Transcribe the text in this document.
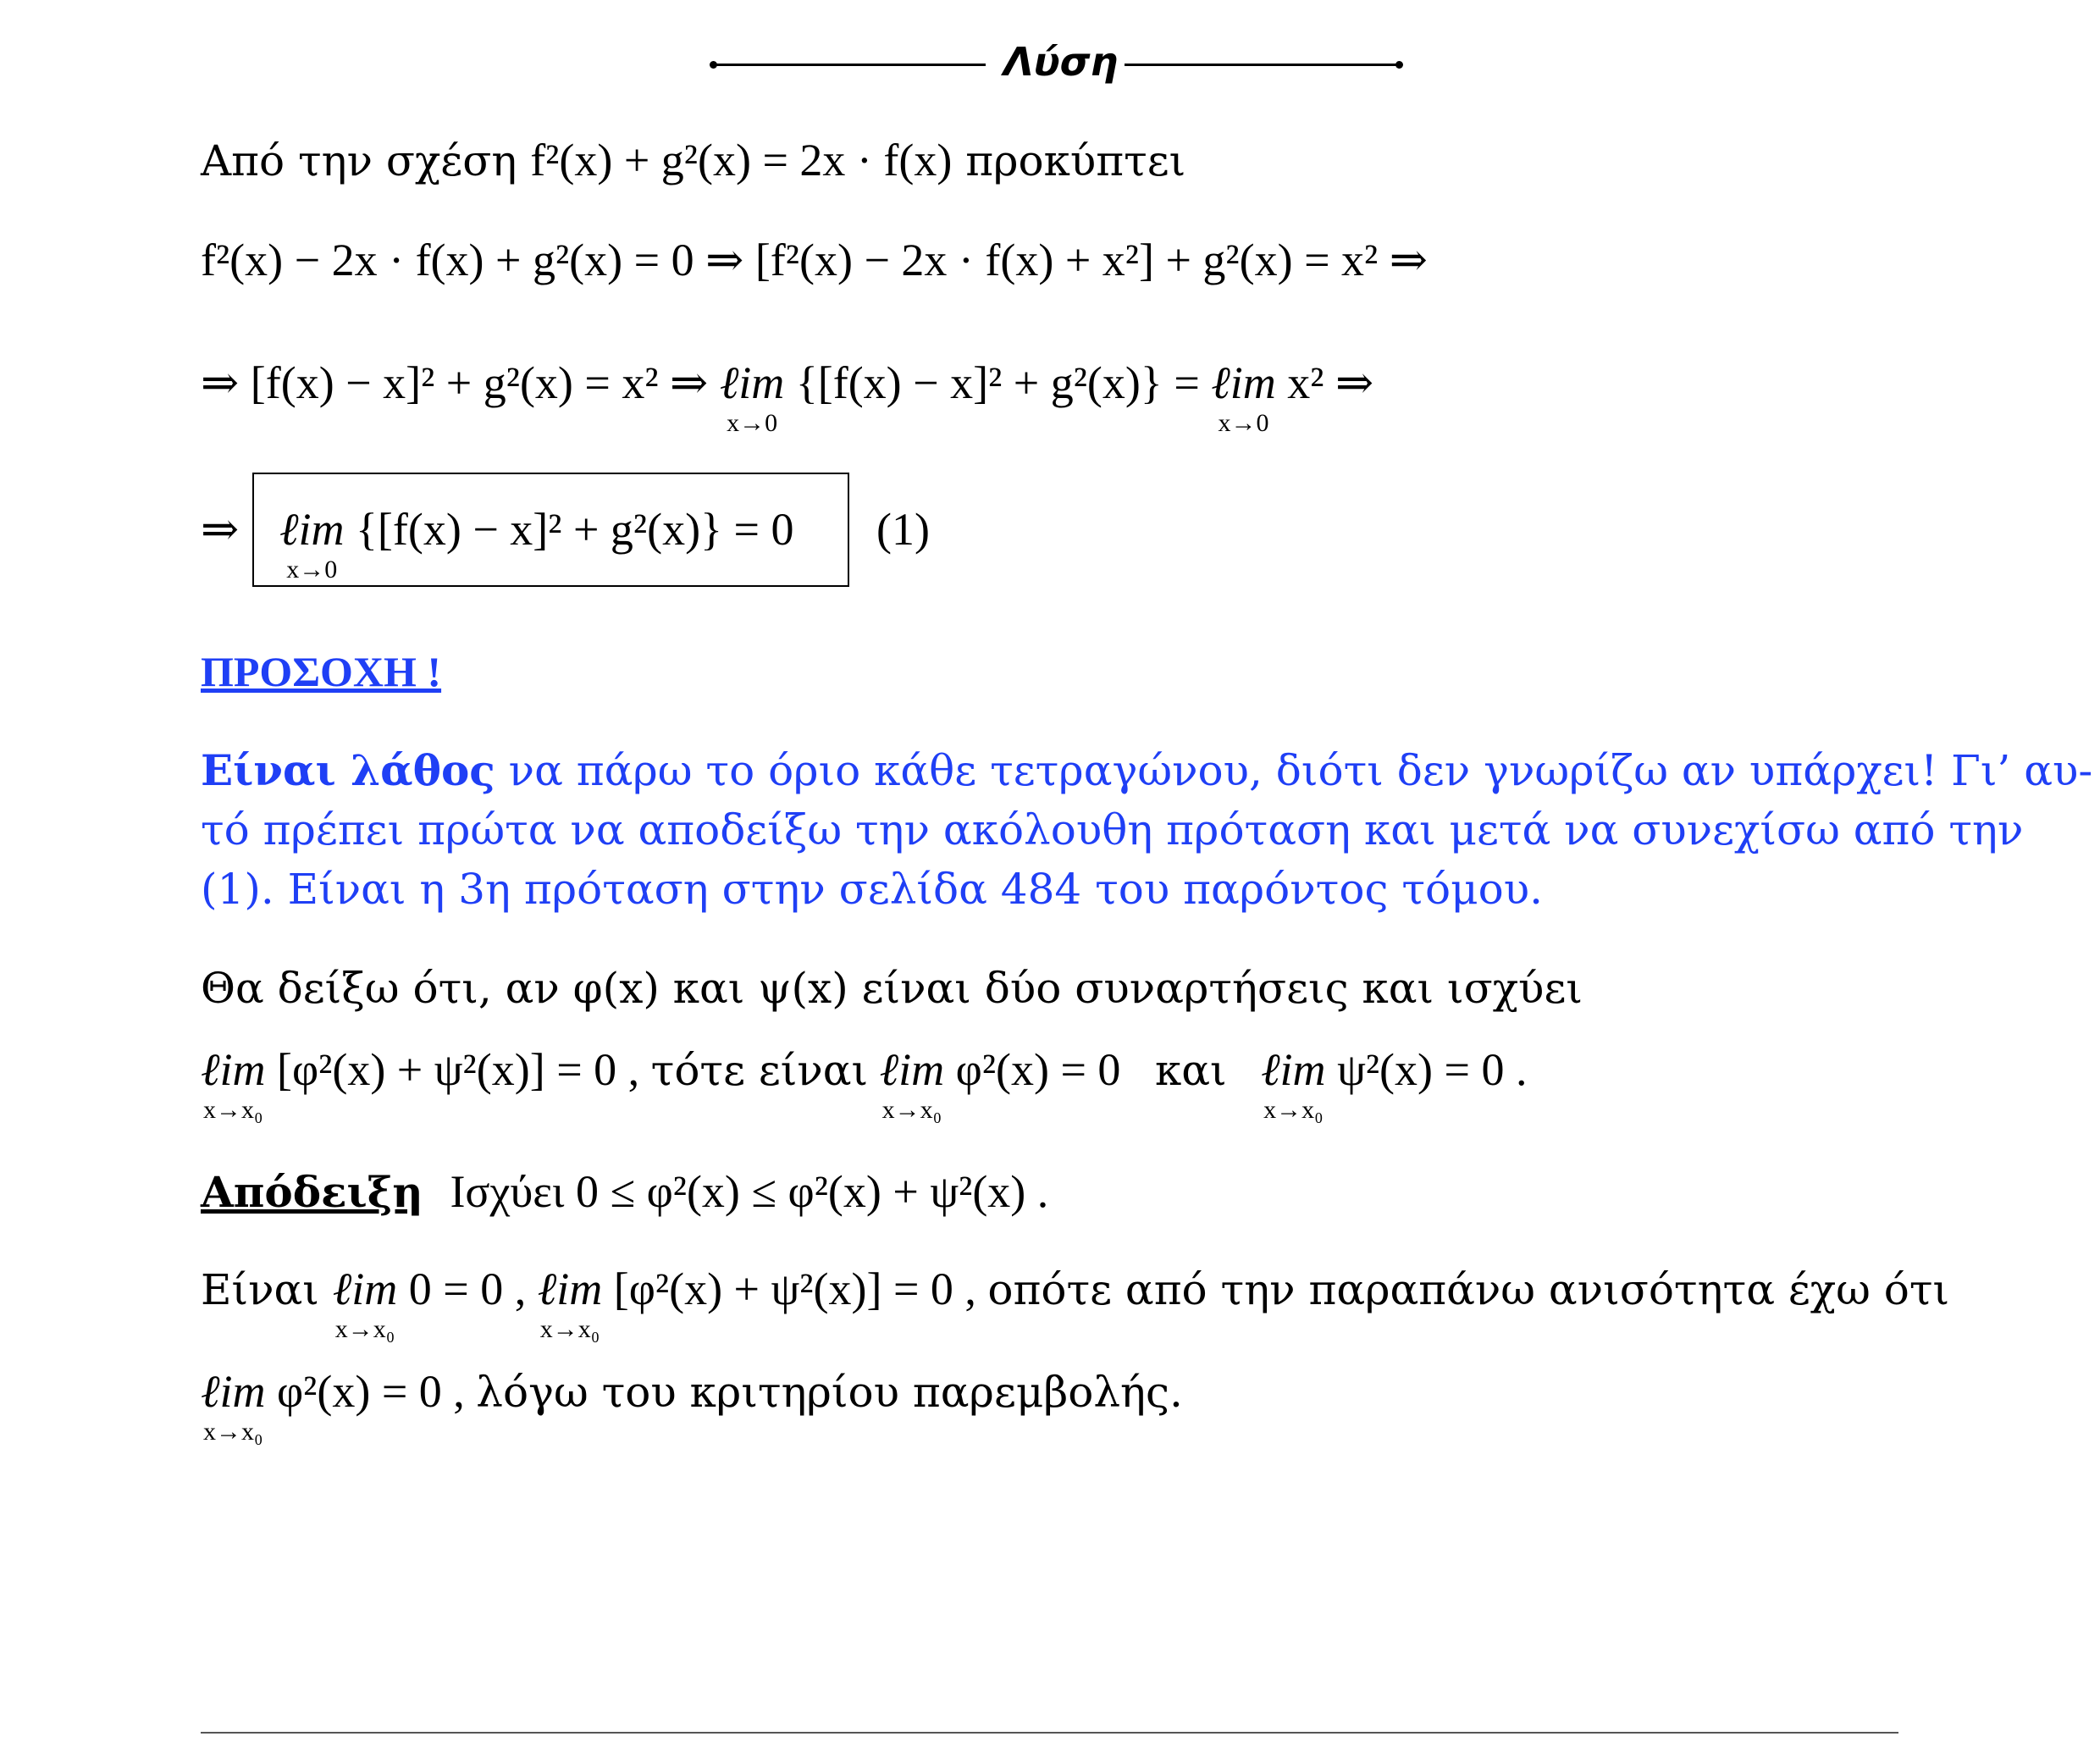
Λύση
Από την σχέση f²(x) + g²(x) = 2x · f(x) προκύπτει
f²(x) − 2x · f(x) + g²(x) = 0 ⇒ [f²(x) − 2x · f(x) + x²] + g²(x) = x² ⇒
⇒ [f(x) − x]² + g²(x) = x² ⇒ ℓim
x→0
{[f(x) − x]² + g²(x)} = ℓim
x→0
x² ⇒
⇒ ℓim
x→0
{[f(x) − x]² + g²(x)} = 0 (1)
ΠΡΟΣΟΧΗ !
Είναι λάθος να πάρω το όριο κάθε τετραγώνου, διότι δεν γνωρίζω αν υπάρχει! Γι’ αυ-
τό πρέπει πρώτα να αποδείξω την ακόλουθη πρόταση και μετά να συνεχίσω από την
(1). Είναι η 3η πρόταση στην σελίδα 484 του παρόντος τόμου.
Θα δείξω ότι, αν φ(x) και ψ(x) είναι δύο συναρτήσεις και ισχύει
ℓim
x→x₀
[φ²(x) + ψ²(x)] = 0 , τότε είναι ℓim
x→x₀
φ²(x) = 0 και ℓim
x→x₀
ψ²(x) = 0 .
Απόδειξη Ισχύει 0 ≤ φ²(x) ≤ φ²(x) + ψ²(x) .
Είναι ℓim
x→x₀
0 = 0 , ℓim
x→x₀
[φ²(x) + ψ²(x)] = 0 , οπότε από την παραπάνω ανισότητα έχω ότι
ℓim
x→x₀
φ²(x) = 0 , λόγω του κριτηρίου παρεμβολής.
